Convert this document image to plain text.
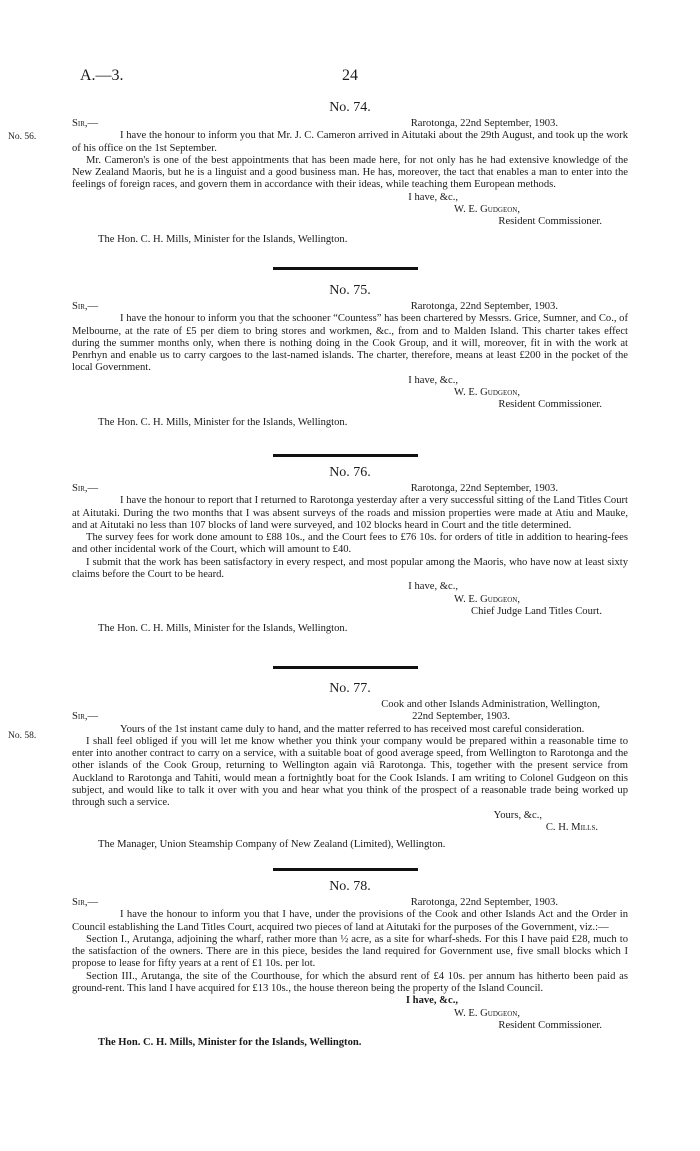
A.—3.	24
No. 56.
No. 74.
Sir,—	Rarotonga, 22nd September, 1903.

I have the honour to inform you that Mr. J. C. Cameron arrived in Aitutaki about the 29th August, and took up the work of his office on the 1st September.

Mr. Cameron's is one of the best appointments that has been made here, for not only has he had extensive knowledge of the New Zealand Maoris, but he is a linguist and a good business man. He has, moreover, the tact that enables a man to enter into the feelings of foreign races, and govern them in accordance with their ideas, while teaching them European methods.

I have, &c.,
W. E. Gudgeon,
Resident Commissioner.
The Hon. C. H. Mills, Minister for the Islands, Wellington.
No. 75.
Sir,—	Rarotonga, 22nd September, 1903.

I have the honour to inform you that the schooner “Countess” has been chartered by Messrs. Grice, Sumner, and Co., of Melbourne, at the rate of £5 per diem to bring stores and workmen, &c., from and to Malden Island. This charter takes effect during the summer months only, when there is nothing doing in the Cook Group, and it will, moreover, fit in with the work at Penrhyn and enable us to carry cargoes to the last-named islands. The charter, therefore, means at least £200 in the pocket of the local Government.

I have, &c.,
W. E. Gudgeon,
Resident Commissioner.
The Hon. C. H. Mills, Minister for the Islands, Wellington.
No. 76.
Sir,—	Rarotonga, 22nd September, 1903.

I have the honour to report that I returned to Rarotonga yesterday after a very successful sitting of the Land Titles Court at Aitutaki. During the two months that I was absent surveys of the roads and mission properties were made at Atiu and Mauke, and at Aitutaki no less than 107 blocks of land were surveyed, and 102 blocks heard in Court and the title determined.

The survey fees for work done amount to £88 10s., and the Court fees to £76 10s. for orders of title in addition to hearing-fees and other incidental work of the Court, which will amount to £40.

I submit that the work has been satisfactory in every respect, and most popular among the Maoris, who have now at least sixty claims before the Court to be heard.

I have, &c.,
W. E. Gudgeon,
Chief Judge Land Titles Court.
The Hon. C. H. Mills, Minister for the Islands, Wellington.
No. 58.
No. 77.
Cook and other Islands Administration, Wellington,
Sir,—	22nd September, 1903.

Yours of the 1st instant came duly to hand, and the matter referred to has received most careful consideration.

I shall feel obliged if you will let me know whether you think your company would be prepared within a reasonable time to enter into another contract to carry on a service, with a suitable boat of good average speed, from Wellington to Rarotonga and the other islands of the Cook Group, returning to Wellington again viâ Rarotonga. This, together with the present service from Auckland to Rarotonga and Tahiti, would mean a fortnightly boat for the Cook Islands. I am writing to Colonel Gudgeon on this subject, and would like to talk it over with you and hear what you think of the prospect of a reasonable trade being worked up through such a service.

Yours, &c.,
C. H. Mills.
The Manager, Union Steamship Company of New Zealand (Limited), Wellington.
No. 78.
Sir,—	Rarotonga, 22nd September, 1903.

I have the honour to inform you that I have, under the provisions of the Cook and other Islands Act and the Order in Council establishing the Land Titles Court, acquired two pieces of land at Aitutaki for the purposes of the Government, viz.:—

Section I., Arutanga, adjoining the wharf, rather more than ½ acre, as a site for wharf-sheds. For this I have paid £28, much to the satisfaction of the owners. There are in this piece, besides the land required for Government use, five small blocks which I propose to lease for fifty years at a rent of £1 10s. per lot.

Section III., Arutanga, the site of the Courthouse, for which the absurd rent of £4 10s. per annum has hitherto been paid as ground-rent. This land I have acquired for £13 10s., the house thereon being the property of the Island Council.

I have, &c.,
W. E. Gudgeon,
Resident Commissioner.
The Hon. C. H. Mills, Minister for the Islands, Wellington.
